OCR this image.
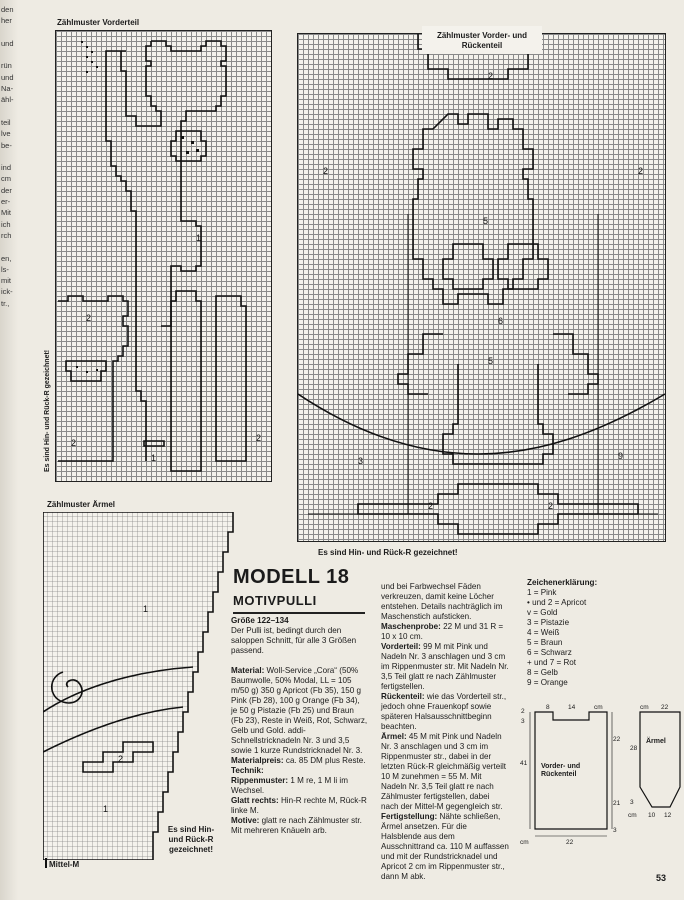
den
her
und
rün
und
Na-
ähl-
teil
lve
be-
ind
cm
der
er-
Mit
ich
rch
en,
ls-
mit
ick-
tr.,
Zählmuster Vorderteil
1
2
2
1
2
Es sind Hin- und Rück-R gezeichnet!
2
5
2	2
5
3	9
2	2
6
Zählmuster Vorder- und Rückenteil
Es sind Hin- und Rück-R gezeichnet!
Zählmuster Ärmel
1
1
2
Mittel-M
Es sind Hin- und Rück-R gezeichnet!
MODELL 18
MOTIVPULLI

Größe 122–134

Der Pulli ist, bedingt durch den saloppen Schnitt, für alle 3 Größen passend.

Material: Woll-Service „Cora“ (50% Baumwolle, 50% Modal, LL = 105 m/50 g) 350 g Apricot (Fb 35), 150 g Pink (Fb 28), 100 g Orange (Fb 34), je 50 g Pistazie (Fb 25) und Braun (Fb 23), Reste in Weiß, Rot, Schwarz, Gelb und Gold. addi-Schnellstricknadeln Nr. 3 und 3,5 sowie 1 kurze Rundstricknadel Nr. 3.

Materialpreis: ca. 85 DM plus Reste.

Technik:

Rippenmuster: 1 M re, 1 M li im Wechsel.

Glatt rechts: Hin-R rechte M, Rück-R linke M.

Motive: glatt re nach Zählmuster str. Mit mehreren Knäueln arb.

und bei Farbwechsel Fäden verkreuzen, damit keine Löcher entstehen. Details nachträglich im Maschenstich aufsticken.

Maschenprobe: 22 M und 31 R = 10 x 10 cm.

Vorderteil: 99 M mit Pink und Nadeln Nr. 3 anschlagen und 3 cm im Rippenmuster str. Mit Nadeln Nr. 3,5 Teil glatt re nach Zählmuster fertigstellen.

Rückenteil: wie das Vorderteil str., jedoch ohne Frauenkopf sowie späteren Halsausschnittbeginn beachten.

Ärmel: 45 M mit Pink und Nadeln Nr. 3 anschlagen und 3 cm im Rippenmuster str., dabei in der letzten Rück-R gleichmäßig verteilt 10 M zunehmen = 55 M. Mit Nadeln Nr. 3,5 Teil glatt re nach Zählmuster fertigstellen, dabei nach der Mittel-M gegengleich str.

Fertigstellung: Nähte schließen, Ärmel ansetzen. Für die Halsblende aus dem Ausschnittrand ca. 110 M auffassen und mit der Rundstricknadel und Apricot 2 cm im Rippenmuster str., dann M abk.

Zeichenerklärung:
1 = Pink
• und 2 = Apricot
v = Gold
3 = Pistazie
4 = Weiß
5 = Braun
6 = Schwarz
+ und 7 = Rot
8 = Gelb
9 = Orange
8	14	cm
2
3
41
22
21
3
cm	22
Vorder- und Rückenteil
cm 22
28
3
cm 10 12
Ärmel
53
